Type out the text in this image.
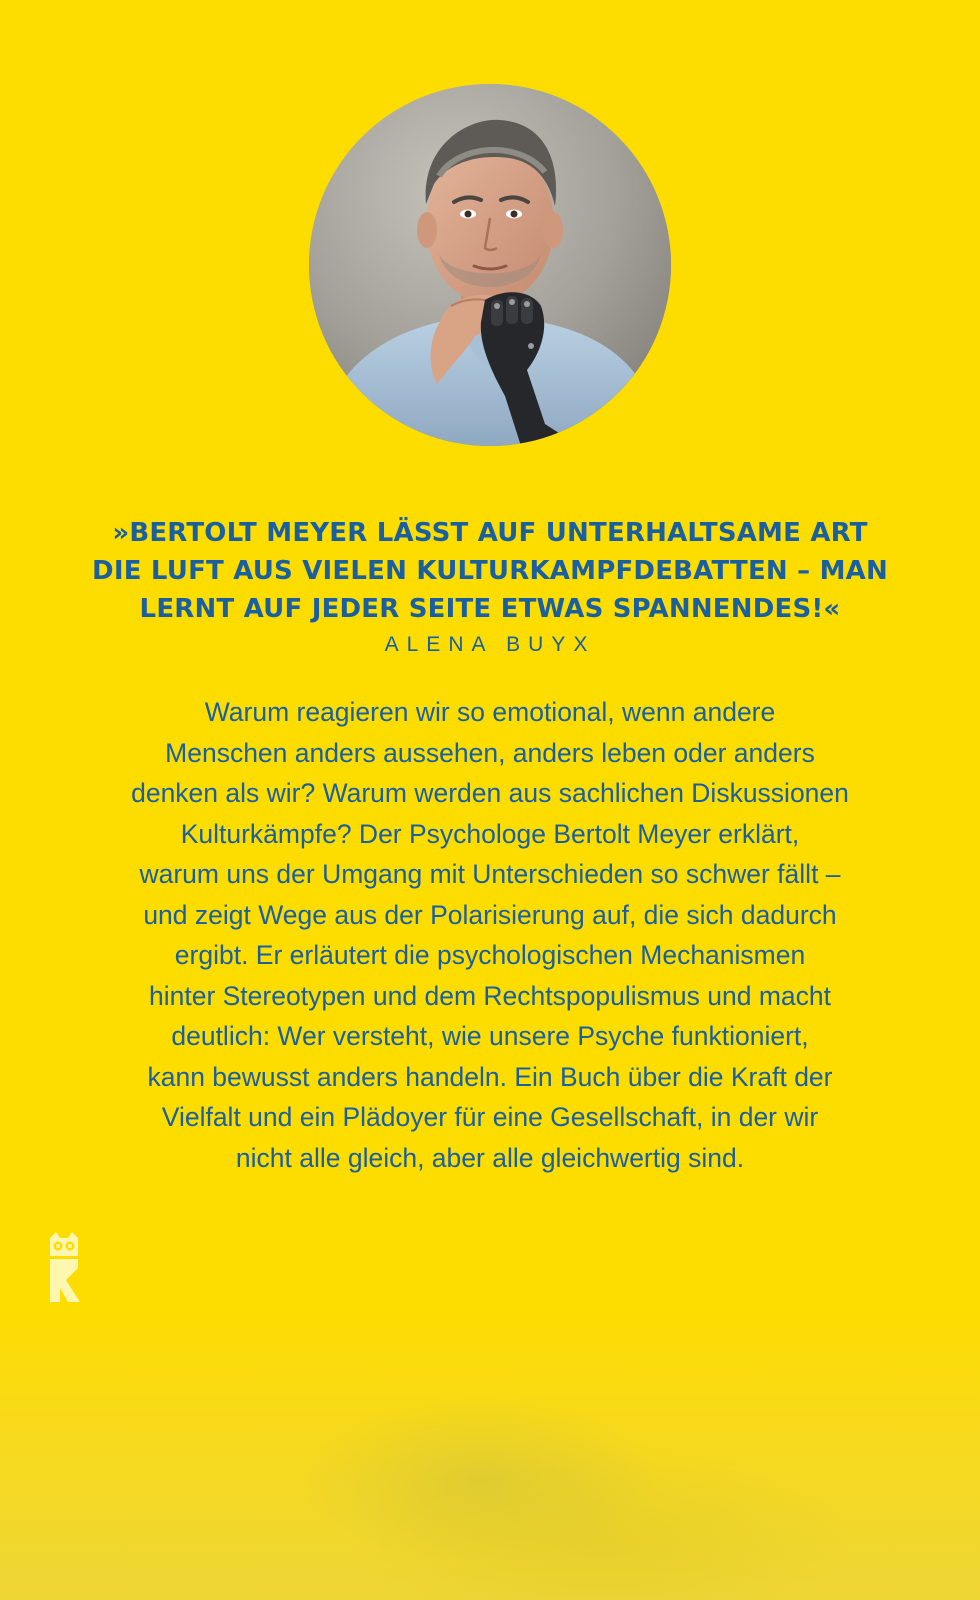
»BERTOLT MEYER LÄSST AUF UNTERHALTSAME ART
DIE LUFT AUS VIELEN KULTURKAMPFDEBATTEN – MAN
LERNT AUF JEDER SEITE ETWAS SPANNENDES!«

ALENA BUYX

Warum reagieren wir so emotional, wenn andere
Menschen anders aussehen, anders leben oder anders
denken als wir? Warum werden aus sachlichen Diskussionen
Kulturkämpfe? Der Psychologe Bertolt Meyer erklärt,
warum uns der Umgang mit Unterschieden so schwer fällt –
und zeigt Wege aus der Polarisierung auf, die sich dadurch
ergibt. Er erläutert die psychologischen Mechanismen
hinter Stereotypen und dem Rechtspopulismus und macht
deutlich: Wer versteht, wie unsere Psyche funktioniert,
kann bewusst anders handeln. Ein Buch über die Kraft der
Vielfalt und ein Plädoyer für eine Gesellschaft, in der wir
nicht alle gleich, aber alle gleichwertig sind.
